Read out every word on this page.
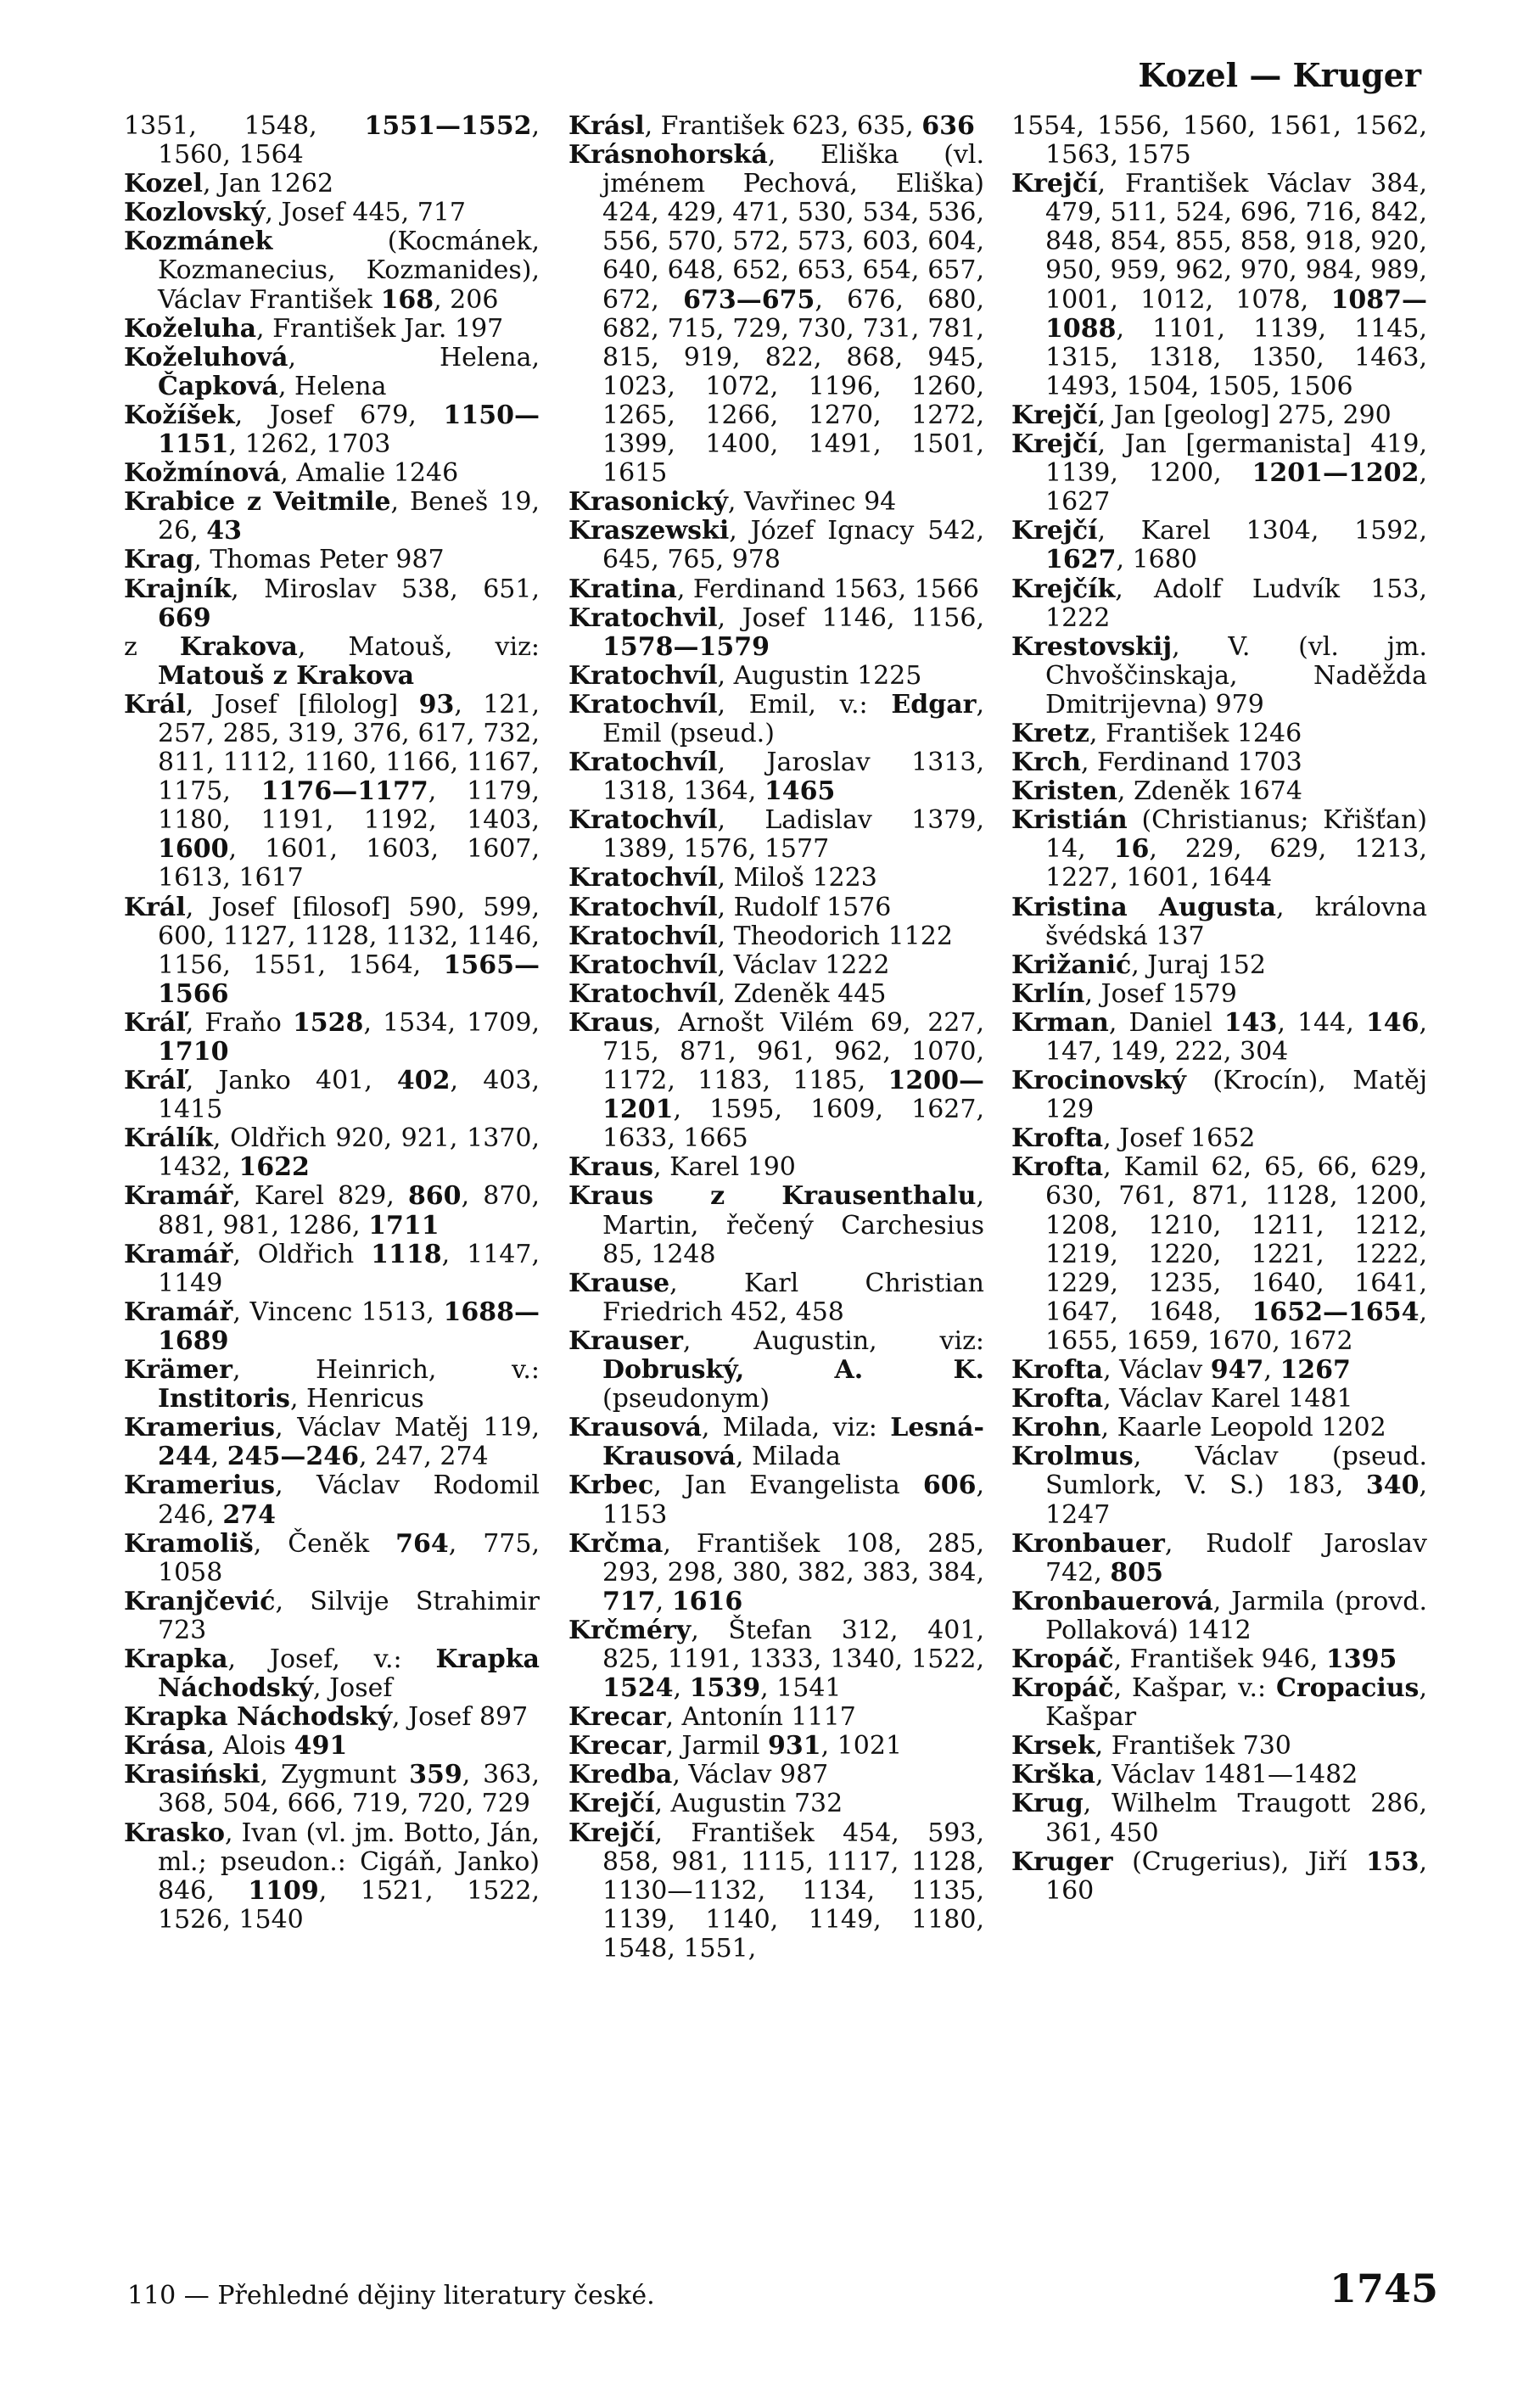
Kozel — Kruger
1351, 1548, 1551—1552, 1560, 1564
Kozel, Jan 1262
Kozlovský, Josef 445, 717
Kozmánek (Kocmánek, Kozmanecius, Kozmanides), Václav František 168, 206
Koželuha, František Jar. 197
Koželuhová, Helena, Čapková, Helena
Kožíšek, Josef 679, 1150—1151, 1262, 1703
Kožmínová, Amalie 1246
Krabice z Veitmile, Beneš 19, 26, 43
Krag, Thomas Peter 987
Krajník, Miroslav 538, 651, 669
z Krakova, Matouš, viz: Matouš z Krakova
Král, Josef [filolog] 93, 121, 257, 285, 319, 376, 617, 732, 811, 1112, 1160, 1166, 1167, 1175, 1176—1177, 1179, 1180, 1191, 1192, 1403, 1600, 1601, 1603, 1607, 1613, 1617
Král, Josef [filosof] 590, 599, 600, 1127, 1128, 1132, 1146, 1156, 1551, 1564, 1565—1566
Kráľ, Fraňo 1528, 1534, 1709, 1710
Kráľ, Janko 401, 402, 403, 1415
Králík, Oldřich 920, 921, 1370, 1432, 1622
Kramář, Karel 829, 860, 870, 881, 981, 1286, 1711
Kramář, Oldřich 1118, 1147, 1149
Kramář, Vincenc 1513, 1688—1689
Krämer, Heinrich, v.: Institoris, Henricus
Kramerius, Václav Matěj 119, 244, 245—246, 247, 274
Kramerius, Václav Rodomil 246, 274
Kramoliš, Čeněk 764, 775, 1058
Kranjčević, Silvije Strahimir 723
Krapka, Josef, v.: Krapka Náchodský, Josef
Krapka Náchodský, Josef 897
Krása, Alois 491
Krasiński, Zygmunt 359, 363, 368, 504, 666, 719, 720, 729
Krasko, Ivan (vl. jm. Botto, Ján, ml.; pseudon.: Cigáň, Janko) 846, 1109, 1521, 1522, 1526, 1540
Krásl, František 623, 635, 636
Krásnohorská, Eliška (vl. jménem Pechová, Eliška) 424, 429, 471, 530, 534, 536, 556, 570, 572, 573, 603, 604, 640, 648, 652, 653, 654, 657, 672, 673—675, 676, 680, 682, 715, 729, 730, 731, 781, 815, 919, 822, 868, 945, 1023, 1072, 1196, 1260, 1265, 1266, 1270, 1272, 1399, 1400, 1491, 1501, 1615
Krasonický, Vavřinec 94
Kraszewski, Józef Ignacy 542, 645, 765, 978
Kratina, Ferdinand 1563, 1566
Kratochvil, Josef 1146, 1156, 1578—1579
Kratochvíl, Augustin 1225
Kratochvíl, Emil, v.: Edgar, Emil (pseud.)
Kratochvíl, Jaroslav 1313, 1318, 1364, 1465
Kratochvíl, Ladislav 1379, 1389, 1576, 1577
Kratochvíl, Miloš 1223
Kratochvíl, Rudolf 1576
Kratochvíl, Theodorich 1122
Kratochvíl, Václav 1222
Kratochvíl, Zdeněk 445
Kraus, Arnošt Vilém 69, 227, 715, 871, 961, 962, 1070, 1172, 1183, 1185, 1200—1201, 1595, 1609, 1627, 1633, 1665
Kraus, Karel 190
Kraus z Krausenthalu, Martin, řečený Carchesius 85, 1248
Krause, Karl Christian Friedrich 452, 458
Krauser, Augustin, viz: Dobruský, A. K. (pseudonym)
Krausová, Milada, viz: Lesná-Krausová, Milada
Krbec, Jan Evangelista 606, 1153
Krčma, František 108, 285, 293, 298, 380, 382, 383, 384, 717, 1616
Krčméry, Štefan 312, 401, 825, 1191, 1333, 1340, 1522, 1524, 1539, 1541
Krecar, Antonín 1117
Krecar, Jarmil 931, 1021
Kredba, Václav 987
Krejčí, Augustin 732
Krejčí, František 454, 593, 858, 981, 1115, 1117, 1128, 1130—1132, 1134, 1135, 1139, 1140, 1149, 1180, 1548, 1551,
1554, 1556, 1560, 1561, 1562, 1563, 1575
Krejčí, František Václav 384, 479, 511, 524, 696, 716, 842, 848, 854, 855, 858, 918, 920, 950, 959, 962, 970, 984, 989, 1001, 1012, 1078, 1087—1088, 1101, 1139, 1145, 1315, 1318, 1350, 1463, 1493, 1504, 1505, 1506
Krejčí, Jan [geolog] 275, 290
Krejčí, Jan [germanista] 419, 1139, 1200, 1201—1202, 1627
Krejčí, Karel 1304, 1592, 1627, 1680
Krejčík, Adolf Ludvík 153, 1222
Krestovskij, V. (vl. jm. Chvoščinskaja, Naděžda Dmitrijevna) 979
Kretz, František 1246
Krch, Ferdinand 1703
Kristen, Zdeněk 1674
Kristián (Christianus; Křišťan) 14, 16, 229, 629, 1213, 1227, 1601, 1644
Kristina Augusta, královna švédská 137
Križanić, Juraj 152
Krlín, Josef 1579
Krman, Daniel 143, 144, 146, 147, 149, 222, 304
Krocinovský (Krocín), Matěj 129
Krofta, Josef 1652
Krofta, Kamil 62, 65, 66, 629, 630, 761, 871, 1128, 1200, 1208, 1210, 1211, 1212, 1219, 1220, 1221, 1222, 1229, 1235, 1640, 1641, 1647, 1648, 1652—1654, 1655, 1659, 1670, 1672
Krofta, Václav 947, 1267
Krofta, Václav Karel 1481
Krohn, Kaarle Leopold 1202
Krolmus, Václav (pseud. Sumlork, V. S.) 183, 340, 1247
Kronbauer, Rudolf Jaroslav 742, 805
Kronbauerová, Jarmila (provd. Pollaková) 1412
Kropáč, František 946, 1395
Kropáč, Kašpar, v.: Cropacius, Kašpar
Krsek, František 730
Krška, Václav 1481—1482
Krug, Wilhelm Traugott 286, 361, 450
Kruger (Crugerius), Jiří 153, 160
110 — Přehledné dějiny literatury české.	1745
